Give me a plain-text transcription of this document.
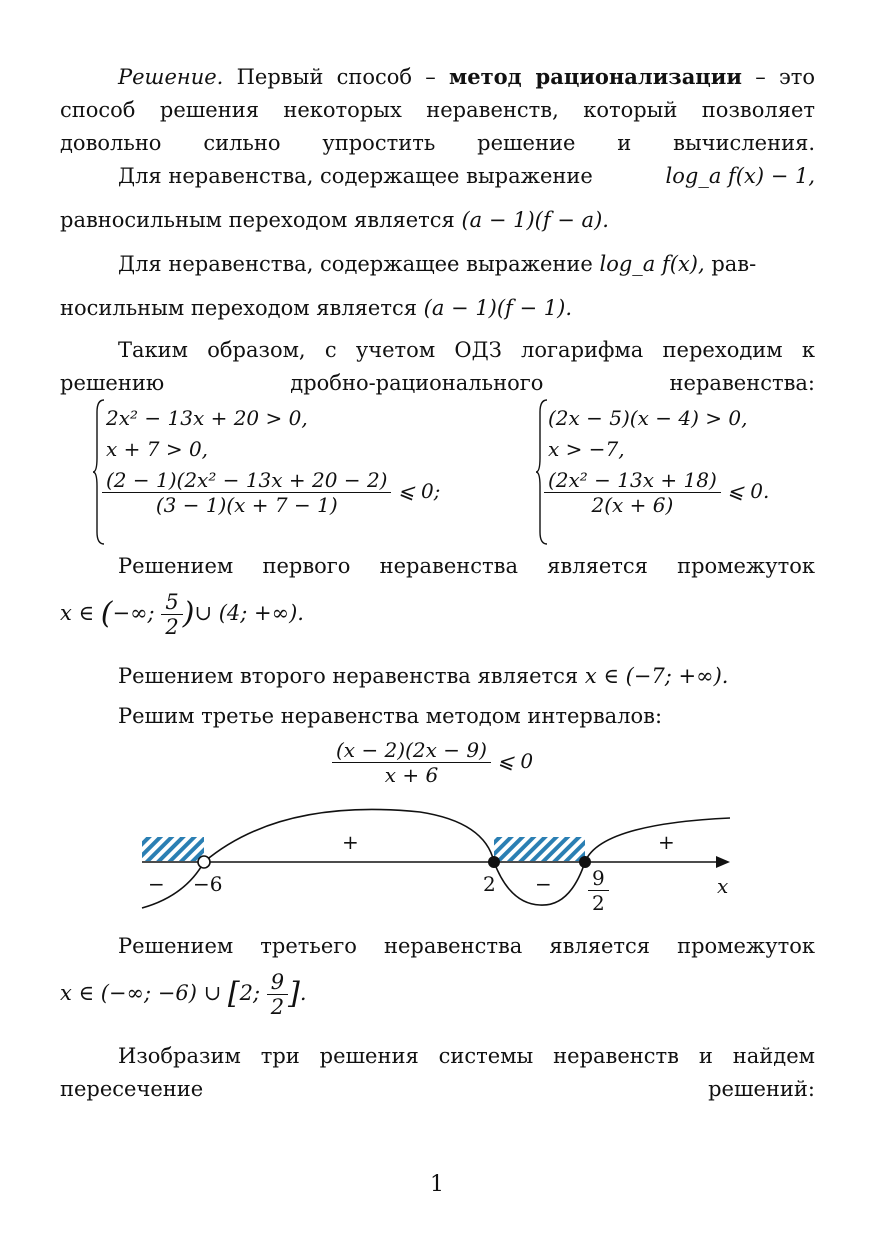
Решение. Первый способ – метод рационализации – это способ решения некоторых неравенств, который позволяет довольно сильно упростить решение и вычисления.
Для неравенства, содержащее выражение	log_a f(x) − 1,
равносильным переходом является (a − 1)(f − a).
Для неравенства, содержащее выражение log_a f(x), рав-
носильным переходом является (a − 1)(f − 1).
Таким образом, с учетом ОДЗ логарифма переходим к решению дробно-рационального неравенства:
2x² − 13x + 20 > 0,
x + 7 > 0,
$\frac{\text{(2 − 1)(2x² − 13x + 20 − 2)}}{(3 - 1)(x + 7 - 1)}$ ⩽ 0;
(2x − 5)(x − 4) > 0,
x > −7,
$\frac{\text{(2x² − 13x + 18)}}{2(x + 6)}$ ⩽ 0.
Решением первого неравенства является промежуток
x ∈ (−∞; $\frac{5}{2}$ )∪ (4; +∞).
Решением второго неравенства является x ∈ (−7; +∞).
Решим третье неравенства методом интервалов:
$\frac{(x - 2)(2x - 9)}{x + 6}$ ⩽ 0
−
+
−
+
−6	2	$\frac{9}{2}$	x
Решением третьего неравенства является промежуток
x ∈ (−∞; −6) ∪ [2; $\frac{9}{2}$ ].
Изобразим три решения системы неравенств и найдем пересечение решений:
1
